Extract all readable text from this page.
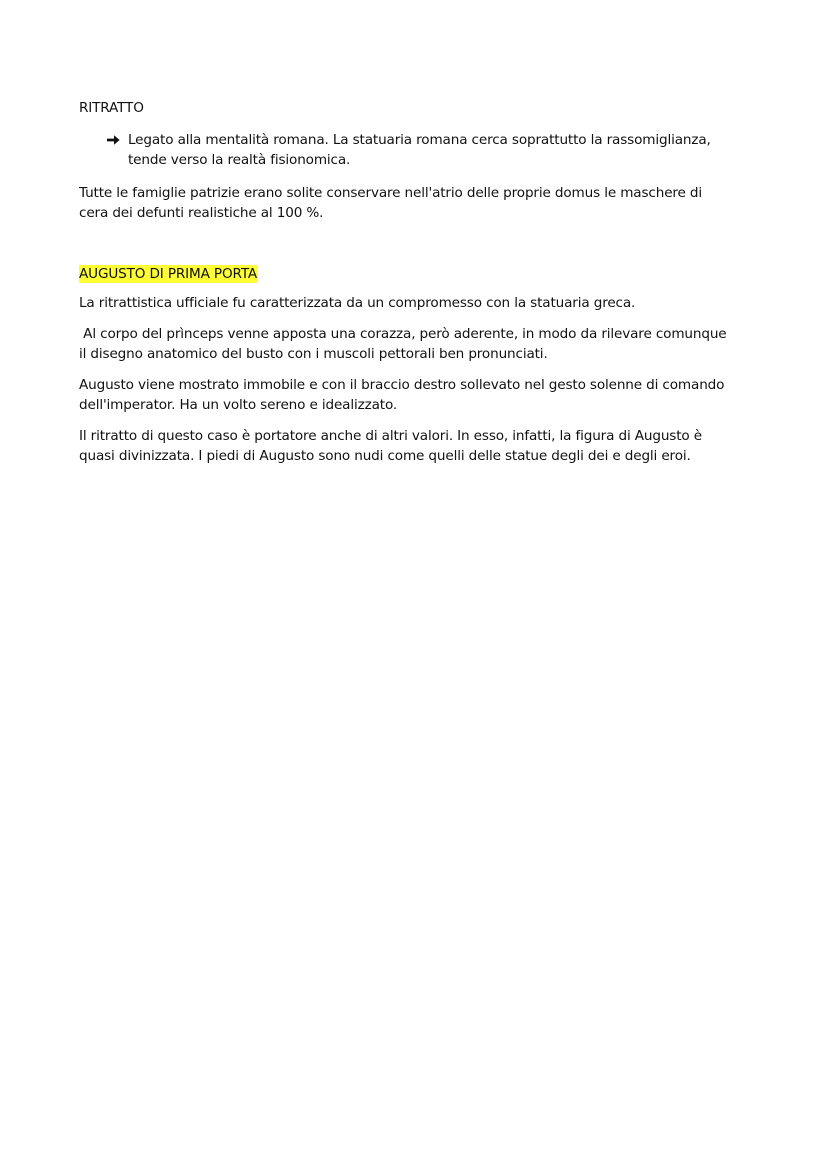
RITRATTO
Legato alla mentalità romana. La statuaria romana cerca soprattutto la rassomiglianza,
tende verso la realtà fisionomica.

Tutte le famiglie patrizie erano solite conservare nell'atrio delle proprie domus le maschere di
cera dei defunti realistiche al 100 %.

AUGUSTO DI PRIMA PORTA

La ritrattistica ufficiale fu caratterizzata da un compromesso con la statuaria greca.

Al corpo del prìnceps venne apposta una corazza, però aderente, in modo da rilevare comunque
il disegno anatomico del busto con i muscoli pettorali ben pronunciati.

Augusto viene mostrato immobile e con il braccio destro sollevato nel gesto solenne di comando
dell'imperator. Ha un volto sereno e idealizzato.

Il ritratto di questo caso è portatore anche di altri valori. In esso, infatti, la figura di Augusto è
quasi divinizzata. I piedi di Augusto sono nudi come quelli delle statue degli dei e degli eroi.
